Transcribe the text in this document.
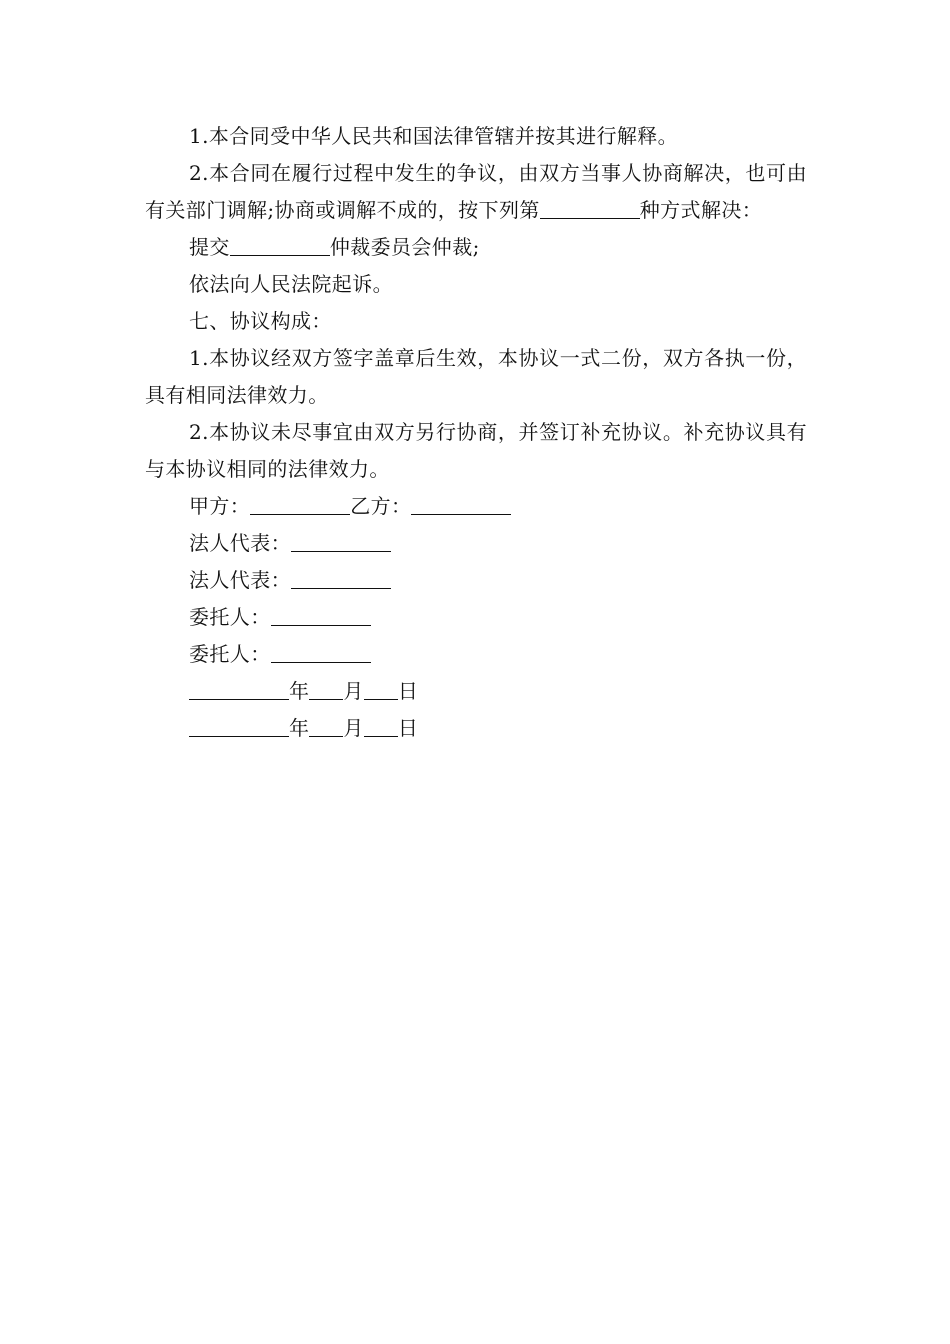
1.本合同受中华人民共和国法律管辖并按其进行解释。

2.本合同在履行过程中发生的争议，由双方当事人协商解决，也可由有关部门调解;协商或调解不成的，按下列第	种方式解决：

提交	仲裁委员会仲裁;

依法向人民法院起诉。

七、协议构成：

1.本协议经双方签字盖章后生效，本协议一式二份，双方各执一份，具有相同法律效力。

2.本协议未尽事宜由双方另行协商，并签订补充协议。补充协议具有与本协议相同的法律效力。

甲方：	乙方：

法人代表：

法人代表：

委托人：

委托人：

年 月 日

年 月 日
